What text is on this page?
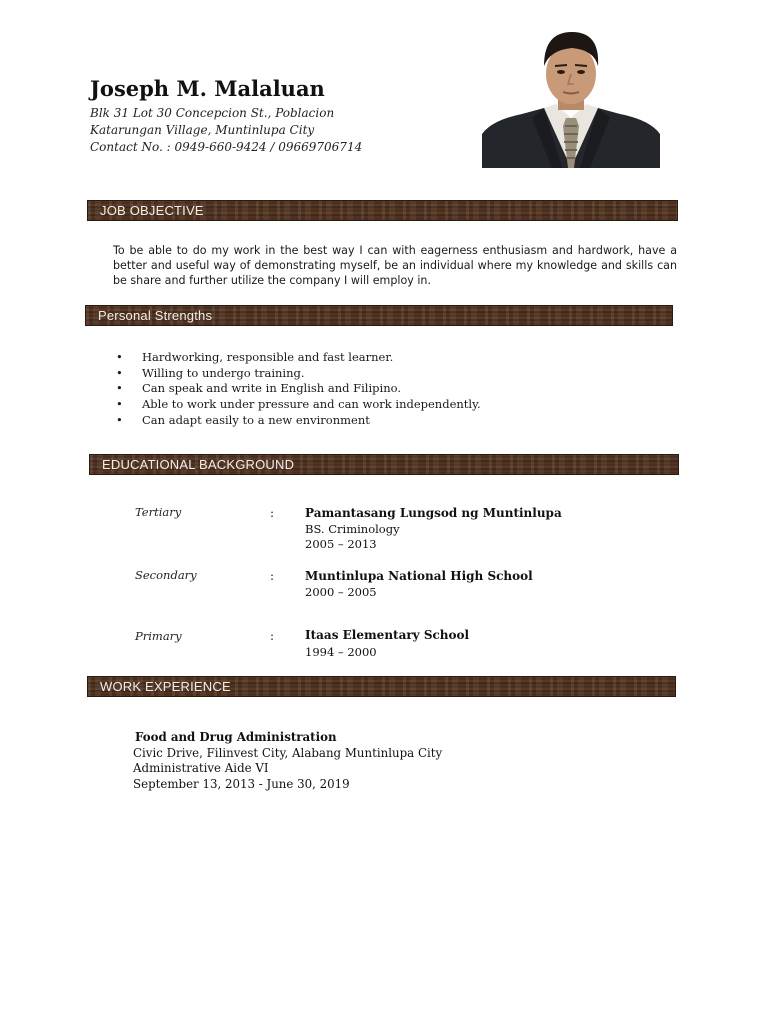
Joseph M. Malaluan
Blk 31 Lot 30 Concepcion St., Poblacion
Katarungan Village, Muntinlupa City
Contact No. : 0949-660-9424 / 09669706714
JOB OBJECTIVE
To be able to do my work in the best way I can with eagerness enthusiasm and hardwork, have a better and useful way of demonstrating myself, be an individual where my knowledge and skills can be share and further utilize the company I will employ in.
Personal Strengths
• Hardworking, responsible and fast learner.
• Willing to undergo training.
• Can speak and write in English and Filipino.
• Able to work under pressure and can work independently.
• Can adapt easily to a new environment
EDUCATIONAL BACKGROUND
Tertiary	:	Pamantasang Lungsod ng Muntinlupa
BS. Criminology
2005 – 2013
Secondary	:	Muntinlupa National High School
2000 – 2005
Primary	:	Itaas Elementary School
1994 – 2000
WORK EXPERIENCE
Food and Drug Administration
Civic Drive, Filinvest City, Alabang Muntinlupa City
Administrative Aide VI
September 13, 2013 - June 30, 2019
